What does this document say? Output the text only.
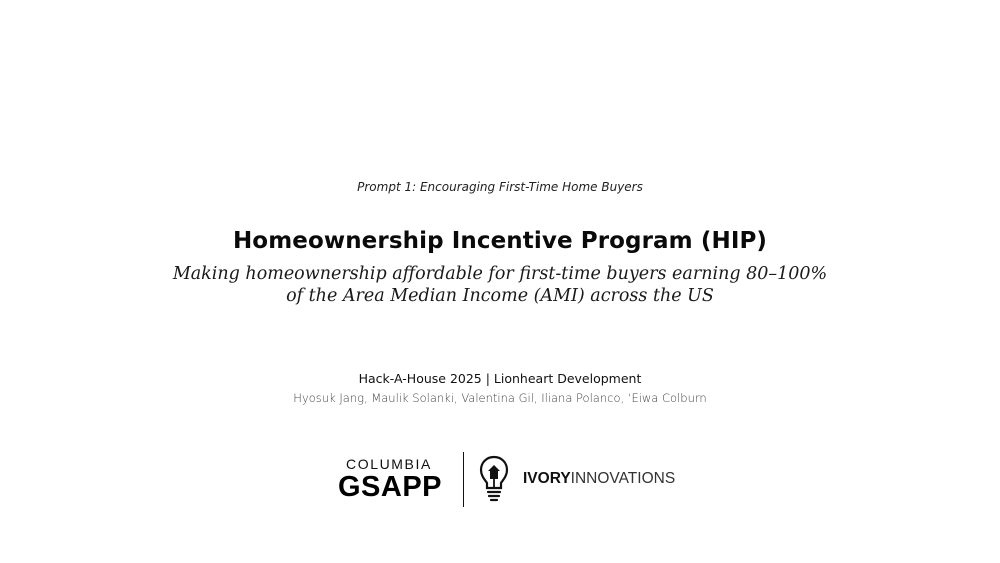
Prompt 1: Encouraging First-Time Home Buyers
Homeownership Incentive Program (HIP)
Making homeownership affordable for first-time buyers earning 80–100%
of the Area Median Income (AMI) across the US
Hack-A-House 2025 | Lionheart Development
Hyosuk Jang, Maulik Solanki, Valentina Gil, Iliana Polanco, ‘Eiwa Colburn
COLUMBIA
GSAPP	IVORYINNOVATIONS
